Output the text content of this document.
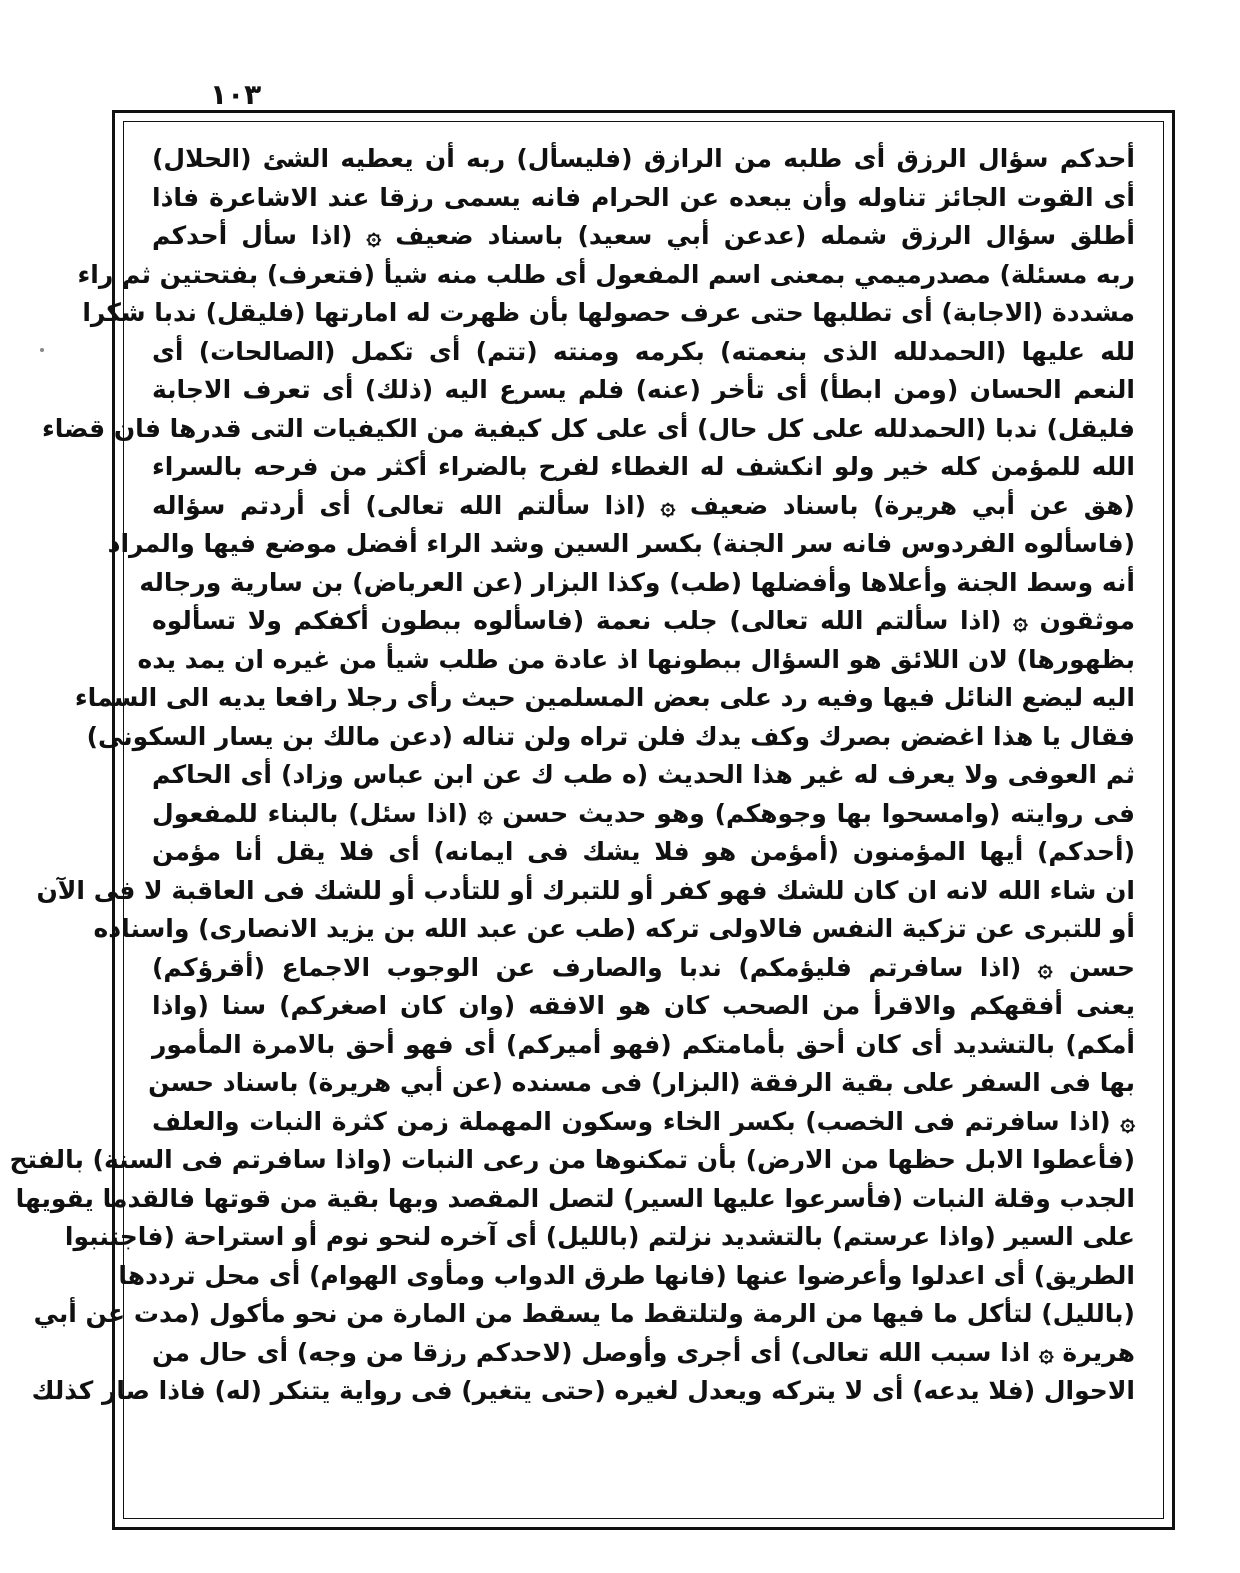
١٠٣
أحدكم سؤال الرزق أى طلبه من الرازق (فليسأل) ربه أن يعطيه الشئ (الحلال)
أى القوت الجائز تناوله وأن يبعده عن الحرام فانه يسمى رزقا عند الاشاعرة فاذا
أطلق سؤال الرزق شمله (عدعن أبي سعيد) باسناد ضعيف ۞ (اذا سأل أحدكم
ربه مسئلة) مصدرميمي بمعنى اسم المفعول أى طلب منه شيأ (فتعرف) بفتحتين ثم راء
مشددة (الاجابة) أى تطلبها حتى عرف حصولها بأن ظهرت له امارتها (فليقل) ندبا شكرا
لله عليها (الحمدلله الذى بنعمته) بكرمه ومنته (تتم) أى تكمل (الصالحات) أى
النعم الحسان (ومن ابطأ) أى تأخر (عنه) فلم يسرع اليه (ذلك) أى تعرف الاجابة
فليقل) ندبا (الحمدلله على كل حال) أى على كل كيفية من الكيفيات التى قدرها فان قضاء
الله للمؤمن كله خير ولو انكشف له الغطاء لفرح بالضراء أكثر من فرحه بالسراء
(هق عن أبي هريرة) باسناد ضعيف ۞ (اذا سألتم الله تعالى) أى أردتم سؤاله
(فاسألوه الفردوس فانه سر الجنة) بكسر السين وشد الراء أفضل موضع فيها والمراد
أنه وسط الجنة وأعلاها وأفضلها (طب) وكذا البزار (عن العرباض) بن سارية ورجاله
موثقون ۞ (اذا سألتم الله تعالى) جلب نعمة (فاسألوه ببطون أكفكم ولا تسألوه
بظهورها) لان اللائق هو السؤال ببطونها اذ عادة من طلب شيأ من غيره ان يمد يده
اليه ليضع النائل فيها وفيه رد على بعض المسلمين حيث رأى رجلا رافعا يديه الى السماء
فقال يا هذا اغضض بصرك وكف يدك فلن تراه ولن تناله (دعن مالك بن يسار السكونى)
ثم العوفى ولا يعرف له غير هذا الحديث (ه طب ك عن ابن عباس وزاد) أى الحاكم
فى روايته (وامسحوا بها وجوهكم) وهو حديث حسن ۞ (اذا سئل) بالبناء للمفعول
(أحدكم) أيها المؤمنون (أمؤمن هو فلا يشك فى ايمانه) أى فلا يقل أنا مؤمن
ان شاء الله لانه ان كان للشك فهو كفر أو للتبرك أو للتأدب أو للشك فى العاقبة لا فى الآن
أو للتبرى عن تزكية النفس فالاولى تركه (طب عن عبد الله بن يزيد الانصارى) واسناده
حسن ۞ (اذا سافرتم فليؤمكم) ندبا والصارف عن الوجوب الاجماع (أقرؤكم)
يعنى أفقهكم والاقرأ من الصحب كان هو الافقه (وان كان اصغركم) سنا (واذا
أمكم) بالتشديد أى كان أحق بأمامتكم (فهو أميركم) أى فهو أحق بالامرة المأمور
بها فى السفر على بقية الرفقة (البزار) فى مسنده (عن أبي هريرة) باسناد حسن
۞ (اذا سافرتم فى الخصب) بكسر الخاء وسكون المهملة زمن كثرة النبات والعلف
(فأعطوا الابل حظها من الارض) بأن تمكنوها من رعى النبات (واذا سافرتم فى السنة) بالفتح
الجدب وقلة النبات (فأسرعوا عليها السير) لتصل المقصد وبها بقية من قوتها فالقدما يقويها
على السير (واذا عرستم) بالتشديد نزلتم (بالليل) أى آخره لنحو نوم أو استراحة (فاجتنبوا
الطريق) أى اعدلوا وأعرضوا عنها (فانها طرق الدواب ومأوى الهوام) أى محل ترددها
(بالليل) لتأكل ما فيها من الرمة ولتلتقط ما يسقط من المارة من نحو مأكول (مدت عن أبي
هريرة ۞ اذا سبب الله تعالى) أى أجرى وأوصل (لاحدكم رزقا من وجه) أى حال من
الاحوال (فلا يدعه) أى لا يتركه ويعدل لغيره (حتى يتغير) فى رواية يتنكر (له) فاذا صار كذلك
